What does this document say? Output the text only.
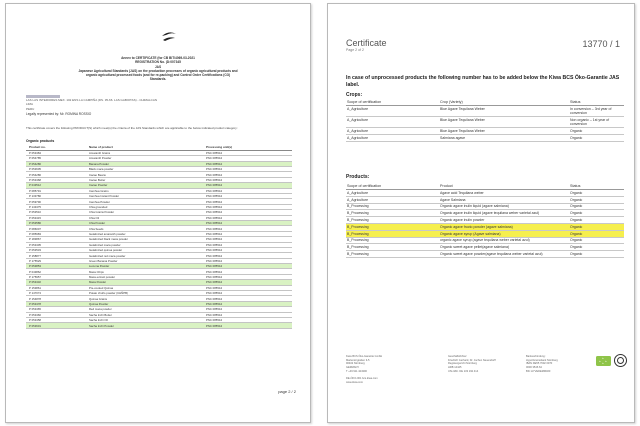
Annex to CERTIFICATE (for CB BIT/4069-03-2021
REGISTRATION No. (D:007345
JAS
Japanese Agricultural Standards (JAS) on the production processes of organic agricultural products and
organic agricultural processed foods (and for re-packing) and Control Order Certifications (CO)
Standards.
LAS LAS INTERIORES MEX. 102 ENS LA CAMPIÑA (DS. 35-66. LAS GABIOTAS) - CHIMALCAN
LIMA
PERU
Legally represented by: Mr. ROMINA ROSSIO
This certificate covers the following PRODUCT(S) which meet(s) the criteria of the JAS Standards which are applicable to the below indicated product category:
Organic products
Product no.	Name of product	Processing unit(s)
P 053484	Amaranth Grains	PNC 085544
P 054785	Amaranth Powder	PNC 085544
P 054286	Banana Powder	PNC 085544
P 053605	Black maca powder	PNC 085544
P 054286	Cacao Beans	PNC 085544
P 053468	Cacao Butter	PNC 085544
P 043512	Cacao Powder	PNC 085544
P 085791	Camhua Grains	PNC 085544
P 133780	Camhua Instant Powder	PNC 085544
P 059790	Camhua Powder	PNC 085544
P 143475	Chia grounded	PNC 085544
P 053510	Chia Grains Powder	PNC 085544
P 053415	Chia Oil	PNC 085544
P 053586	Chia Powder	PNC 085544
P 086007	Chia Seeds	PNC 085544
P 085983	Gelatinized amaranth powder	PNC 085544
P 183867	Gelatinized black maca powder	PNC 085544
P 053405	Gelatinized maca powder	PNC 085544
P 053533	Gelatinized quinoa powder	PNC 085544
P 158877	Gelatinized red maca powder	PNC 085544
P 175529	Green Banana Powder	PNC 085544
P 053853	Lucuma Powder	PNC 085544
P 043862	Maca Chips	PNC 085544
P 175957	Maca extract powder	PNC 085544
P 053432	Maca Powder	PNC 085544
P 153861	Pre-cooked Quinoa	PNC 085544
P 147074	Potato chuño powder (CHÑPB)	PNC 085544
P 154878	Quinoa Grains	PNC 085544
P 053478	Quinoa Powder	PNC 085544
P 053465	Red maca powder	PNC 085544
P 053460	Sacha Inchi Butter	PNC 085544
P 053458	Sacha Inchi Oil	PNC 085544
P 053601	Sacha Inchi Powder	PNC 085544
page 2 / 2
Certificate
Page 2 of 2
13770 / 1
In case of unprocessed products the following number has to be added below the Kiwa BCS Öko-Garantie JAS label.
Crops:
Scope of certification	Crop (Variety)	Status
A_Agriculture	Blue Agave Tequilana Weber	In conversion – 3rd year of conversion
A_Agriculture	Blue Agave Tequilana Weber	Non organic – 1st year of conversion
A_Agriculture	Blue Agave Tequilana Weber	Organic
A_Agriculture	Salmiana agave	Organic
Products:
Scope of certification	Product	Status
A_Agriculture	Agave acid Tequilana weber	Organic
A_Agriculture	Agave Salmiana	Organic
B_Processing	Organic agave inulin liquid (agave salmiana)	Organic
B_Processing	Organic agave inulin liquid (agave tequilana weber varietal azul)	Organic
B_Processing	Organic agave inulin powder	Organic
B_Processing	Organic agave fructo powder (agave salmiana)	Organic
B_Processing	Organic agave syrup (Agave salmiana)	Organic
B_Processing	organic agave syrup (agave tequilana weber varietal azul)	Organic
B_Processing	Organic sweet agave pellet(agave salmiana)	Organic
B_Processing	Organic sweet agave powder(agave tequilana weber varietal azul)	Organic
Kiwa BCS Öko-Garantie GmbH
Marientorgraben 3-5
90402 Nürnberg
GERMANY
T +49 911 424390
DE-ÖKO-001 bcs.kiwa.com
www.kiwa.com
Geschäftsführer:
Friedrich Gerhard, Dr. Jochen Neuendorff
Registergericht Nürnberg
HRB 14445
USt-IdNr. DE 133 192 414
Bankverbindung:
HypoVereinsbank Nürnberg
IBAN DE55 7602 0070
0000 3546 64
BIC HYVEDEMM460
★
★ ★
★
